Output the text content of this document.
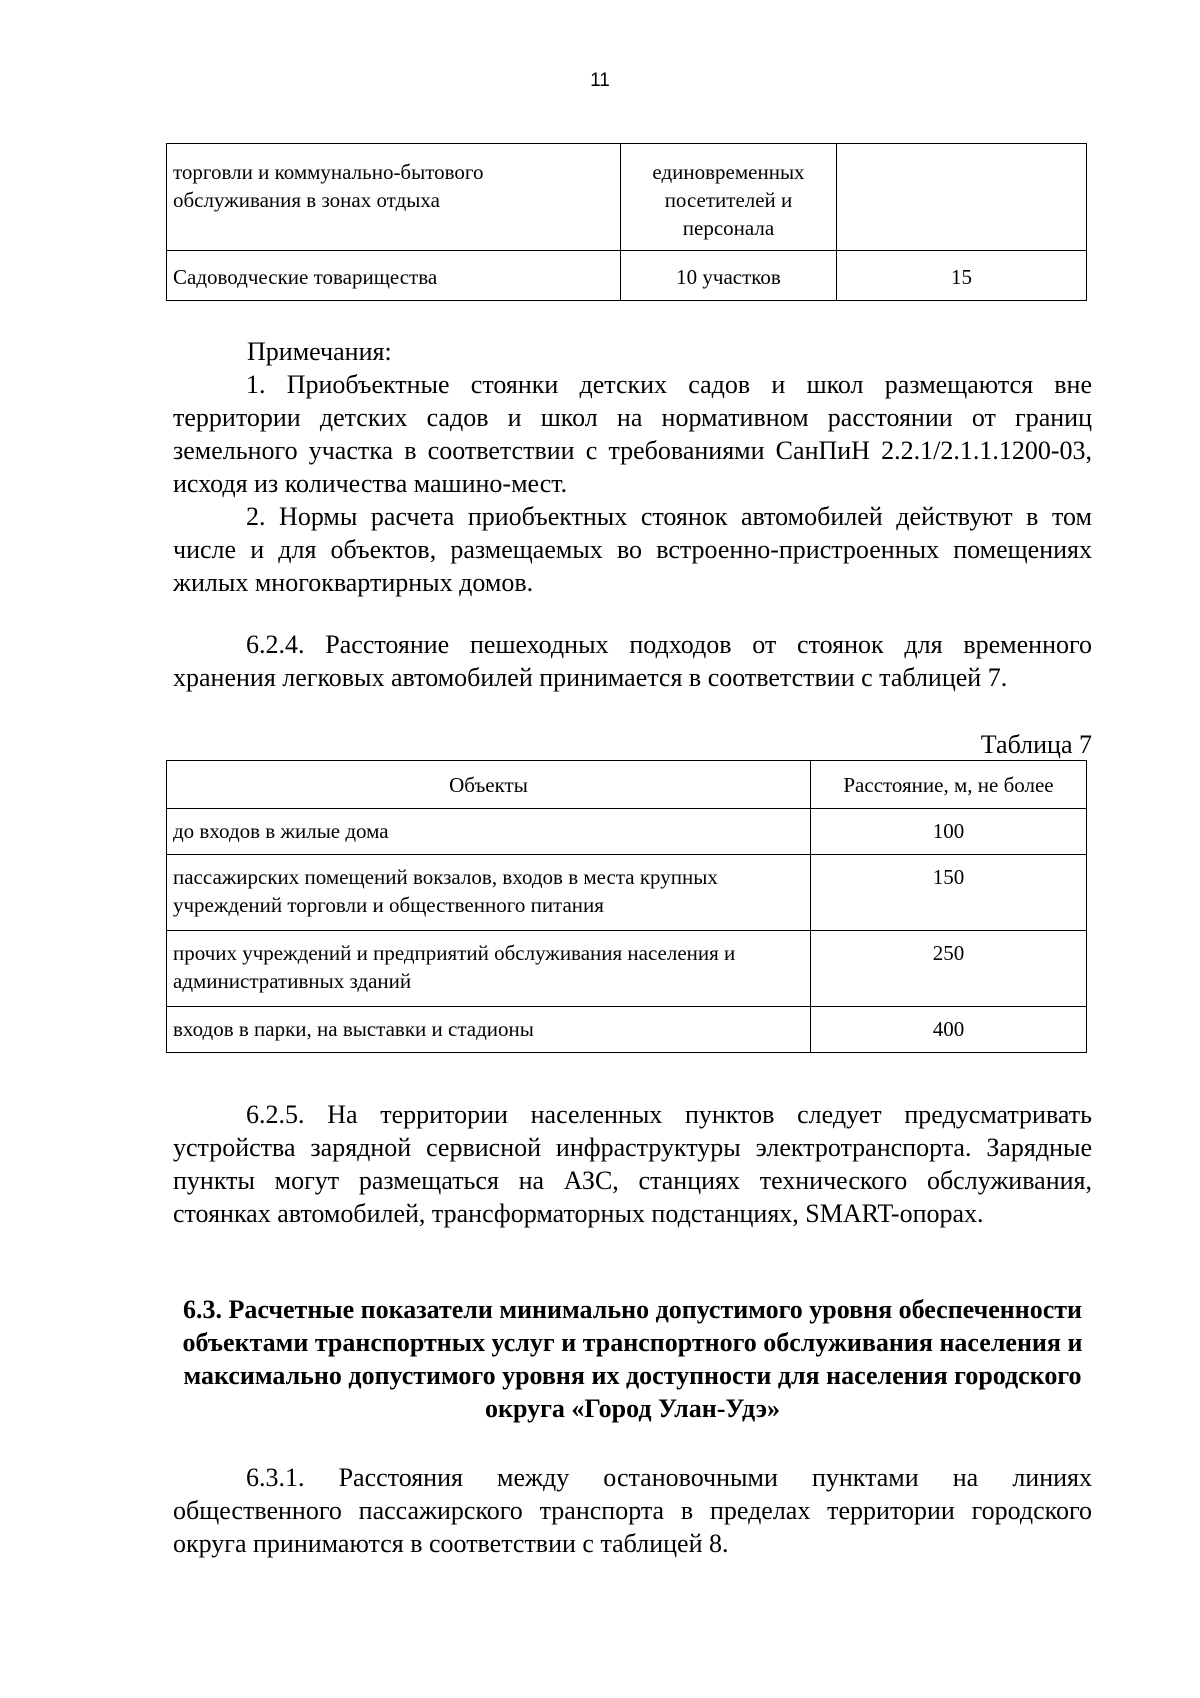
11
торговли и коммунально-бытового обслуживания в зонах отдыха	единовременных посетителей и персонала	
Садоводческие товарищества	10 участков	15

Примечания:

1. Приобъектные стоянки детских садов и школ размещаются вне территории детских садов и школ на нормативном расстоянии от границ земельного участка в соответствии с требованиями СанПиН 2.2.1/2.1.1.1200-03, исходя из количества машино-мест.

2. Нормы расчета приобъектных стоянок автомобилей действуют в том числе и для объектов, размещаемых во встроенно-пристроенных помещениях жилых многоквартирных домов.

6.2.4. Расстояние пешеходных подходов от стоянок для временного хранения легковых автомобилей принимается в соответствии с таблицей 7.

Таблица 7
Объекты	Расстояние, м, не более
до входов в жилые дома	100
пассажирских помещений вокзалов, входов в места крупных учреждений торговли и общественного питания	150
прочих учреждений и предприятий обслуживания населения и административных зданий	250
входов в парки, на выставки и стадионы	400

6.2.5. На территории населенных пунктов следует предусматривать устройства зарядной сервисной инфраструктуры электротранспорта. Зарядные пункты могут размещаться на АЗС, станциях технического обслуживания, стоянках автомобилей, трансформаторных подстанциях, SMART-опорах.

6.3. Расчетные показатели минимально допустимого уровня обеспеченности объектами транспортных услуг и транспортного обслуживания населения и максимально допустимого уровня их доступности для населения городского округа «Город Улан-Удэ»

6.3.1. Расстояния между остановочными пунктами на линиях общественного пассажирского транспорта в пределах территории городского округа принимаются в соответствии с таблицей 8.
